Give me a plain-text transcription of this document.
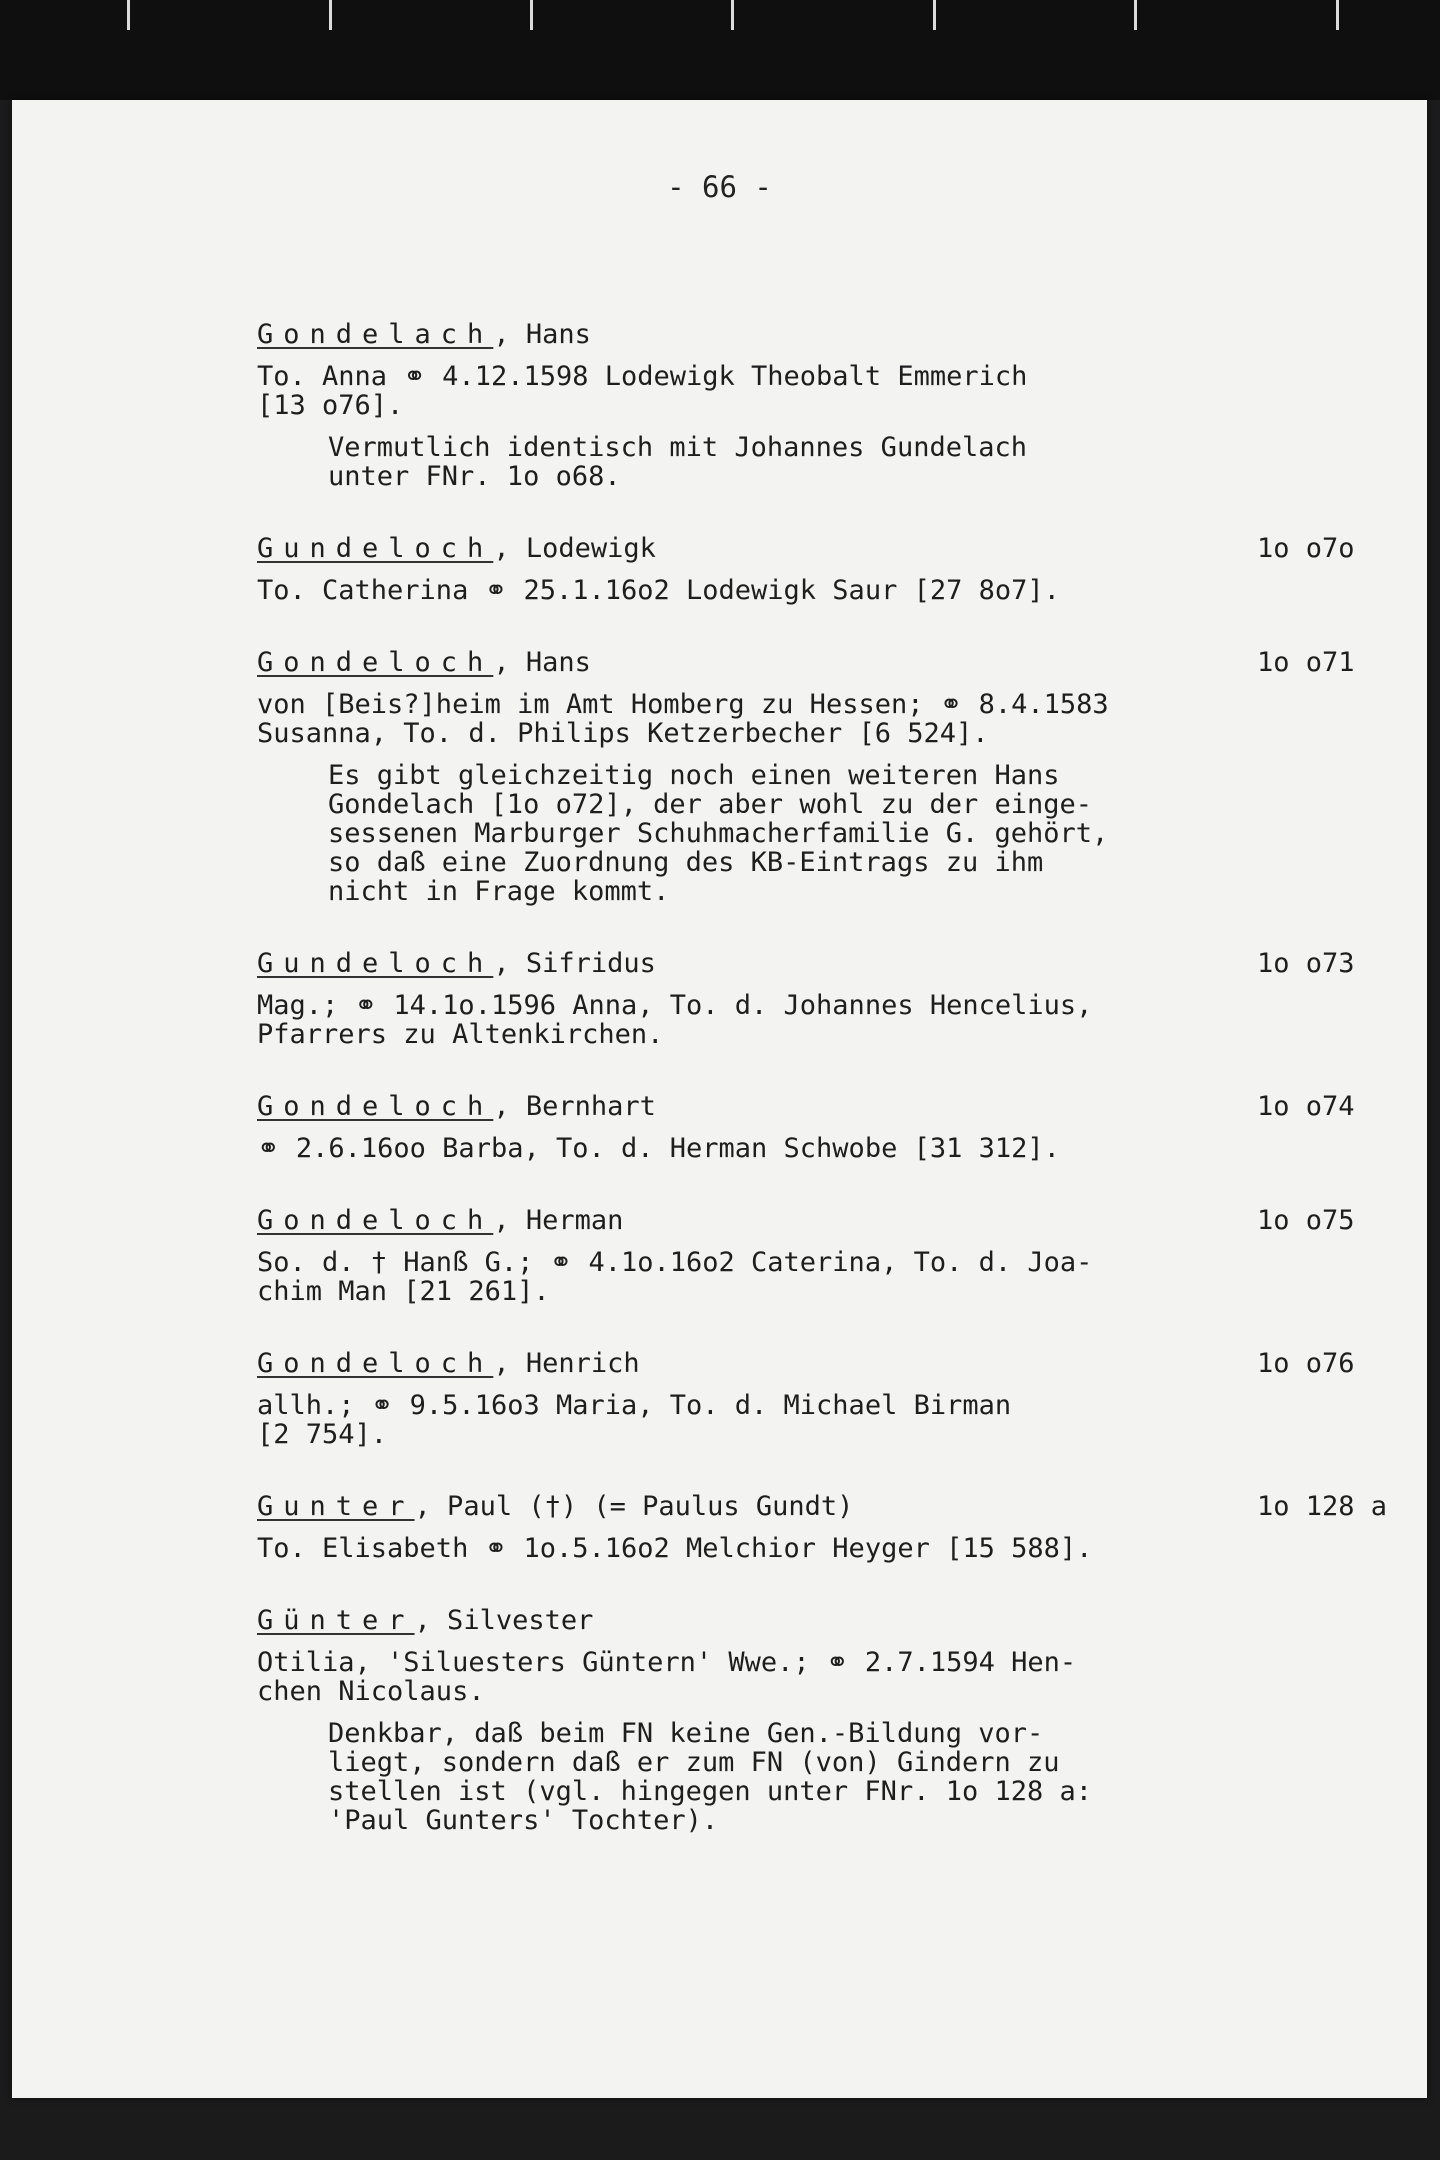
- 66 -
Gondelach, Hans
To. Anna ⚭ 4.12.1598 Lodewigk Theobalt Emmerich
[13 o76].
Vermutlich identisch mit Johannes Gundelach
unter FNr. 1o o68.
Gundeloch, Lodewigk	1o o7o
To. Catherina ⚭ 25.1.16o2 Lodewigk Saur [27 8o7].
Gondeloch, Hans	1o o71
von [Beis?]heim im Amt Homberg zu Hessen; ⚭ 8.4.1583
Susanna, To. d. Philips Ketzerbecher [6 524].
Es gibt gleichzeitig noch einen weiteren Hans
Gondelach [1o o72], der aber wohl zu der einge-
sessenen Marburger Schuhmacherfamilie G. gehört,
so daß eine Zuordnung des KB-Eintrags zu ihm
nicht in Frage kommt.
Gundeloch, Sifridus	1o o73
Mag.; ⚭ 14.1o.1596 Anna, To. d. Johannes Hencelius,
Pfarrers zu Altenkirchen.
Gondeloch, Bernhart	1o o74
⚭ 2.6.16oo Barba, To. d. Herman Schwobe [31 312].
Gondeloch, Herman	1o o75
So. d. † Hanß G.; ⚭ 4.1o.16o2 Caterina, To. d. Joa-
chim Man [21 261].
Gondeloch, Henrich	1o o76
allh.; ⚭ 9.5.16o3 Maria, To. d. Michael Birman
[2 754].
Gunter, Paul (†) (= Paulus Gundt)	1o 128 a
To. Elisabeth ⚭ 1o.5.16o2 Melchior Heyger [15 588].
Günter, Silvester
Otilia, 'Siluesters Güntern' Wwe.; ⚭ 2.7.1594 Hen-
chen Nicolaus.
Denkbar, daß beim FN keine Gen.-Bildung vor-
liegt, sondern daß er zum FN (von) Gindern zu
stellen ist (vgl. hingegen unter FNr. 1o 128 a:
'Paul Gunters' Tochter).
